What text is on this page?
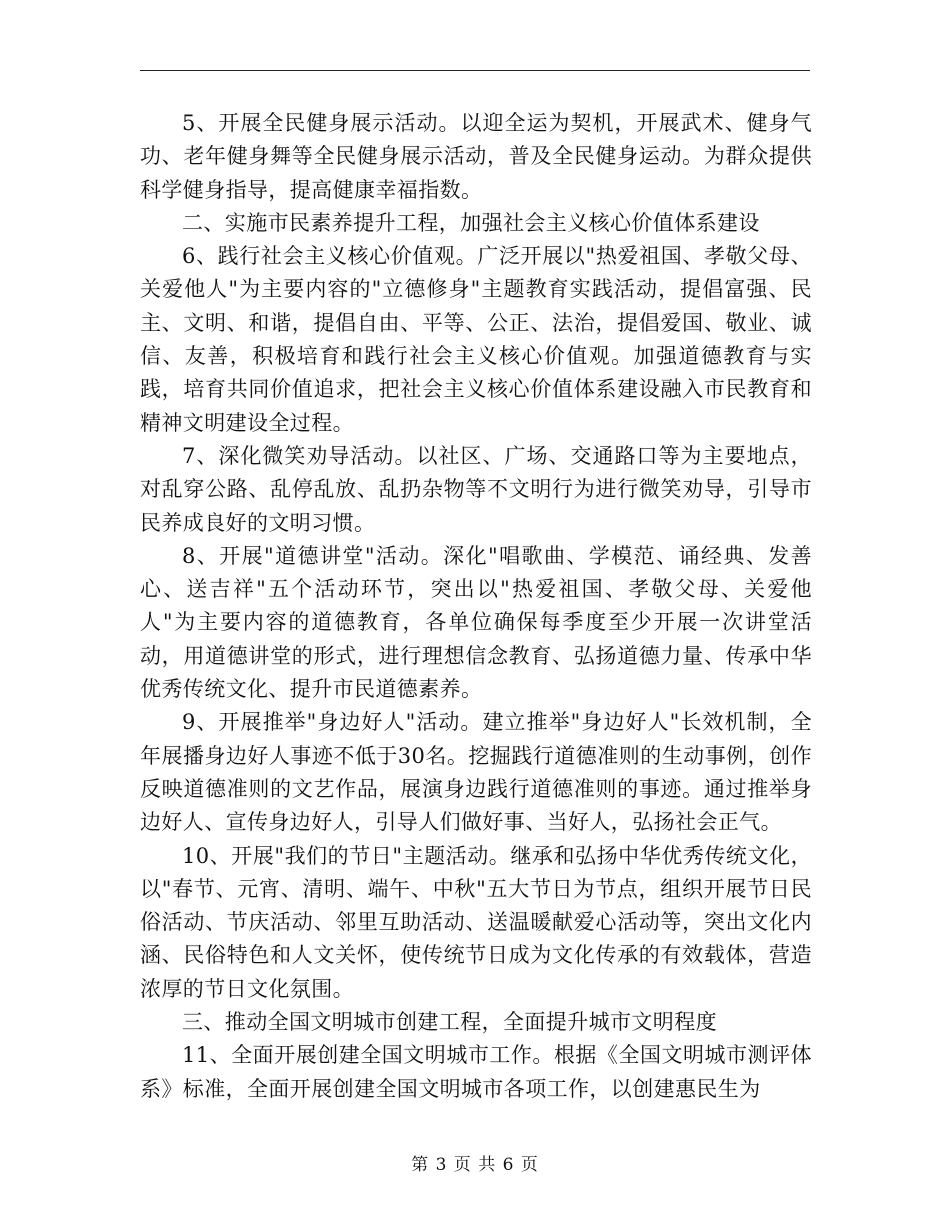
5、开展全民健身展示活动。以迎全运为契机，开展武术、健身气功、老年健身舞等全民健身展示活动，普及全民健身运动。为群众提供科学健身指导，提高健康幸福指数。

二、实施市民素养提升工程，加强社会主义核心价值体系建设

6、践行社会主义核心价值观。广泛开展以"热爱祖国、孝敬父母、关爱他人"为主要内容的"立德修身"主题教育实践活动，提倡富强、民主、文明、和谐，提倡自由、平等、公正、法治，提倡爱国、敬业、诚信、友善，积极培育和践行社会主义核心价值观。加强道德教育与实践，培育共同价值追求，把社会主义核心价值体系建设融入市民教育和精神文明建设全过程。

7、深化微笑劝导活动。以社区、广场、交通路口等为主要地点，对乱穿公路、乱停乱放、乱扔杂物等不文明行为进行微笑劝导，引导市民养成良好的文明习惯。

8、开展"道德讲堂"活动。深化"唱歌曲、学模范、诵经典、发善心、送吉祥"五个活动环节，突出以"热爱祖国、孝敬父母、关爱他人"为主要内容的道德教育，各单位确保每季度至少开展一次讲堂活动，用道德讲堂的形式，进行理想信念教育、弘扬道德力量、传承中华优秀传统文化、提升市民道德素养。

9、开展推举"身边好人"活动。建立推举"身边好人"长效机制，全年展播身边好人事迹不低于30名。挖掘践行道德准则的生动事例，创作反映道德准则的文艺作品，展演身边践行道德准则的事迹。通过推举身边好人、宣传身边好人，引导人们做好事、当好人，弘扬社会正气。

10、开展"我们的节日"主题活动。继承和弘扬中华优秀传统文化，以"春节、元宵、清明、端午、中秋"五大节日为节点，组织开展节日民俗活动、节庆活动、邻里互助活动、送温暖献爱心活动等，突出文化内涵、民俗特色和人文关怀，使传统节日成为文化传承的有效载体，营造浓厚的节日文化氛围。

三、推动全国文明城市创建工程，全面提升城市文明程度

11、全面开展创建全国文明城市工作。根据《全国文明城市测评体系》标准，全面开展创建全国文明城市各项工作，以创建惠民生为

第 3 页 共 6 页
